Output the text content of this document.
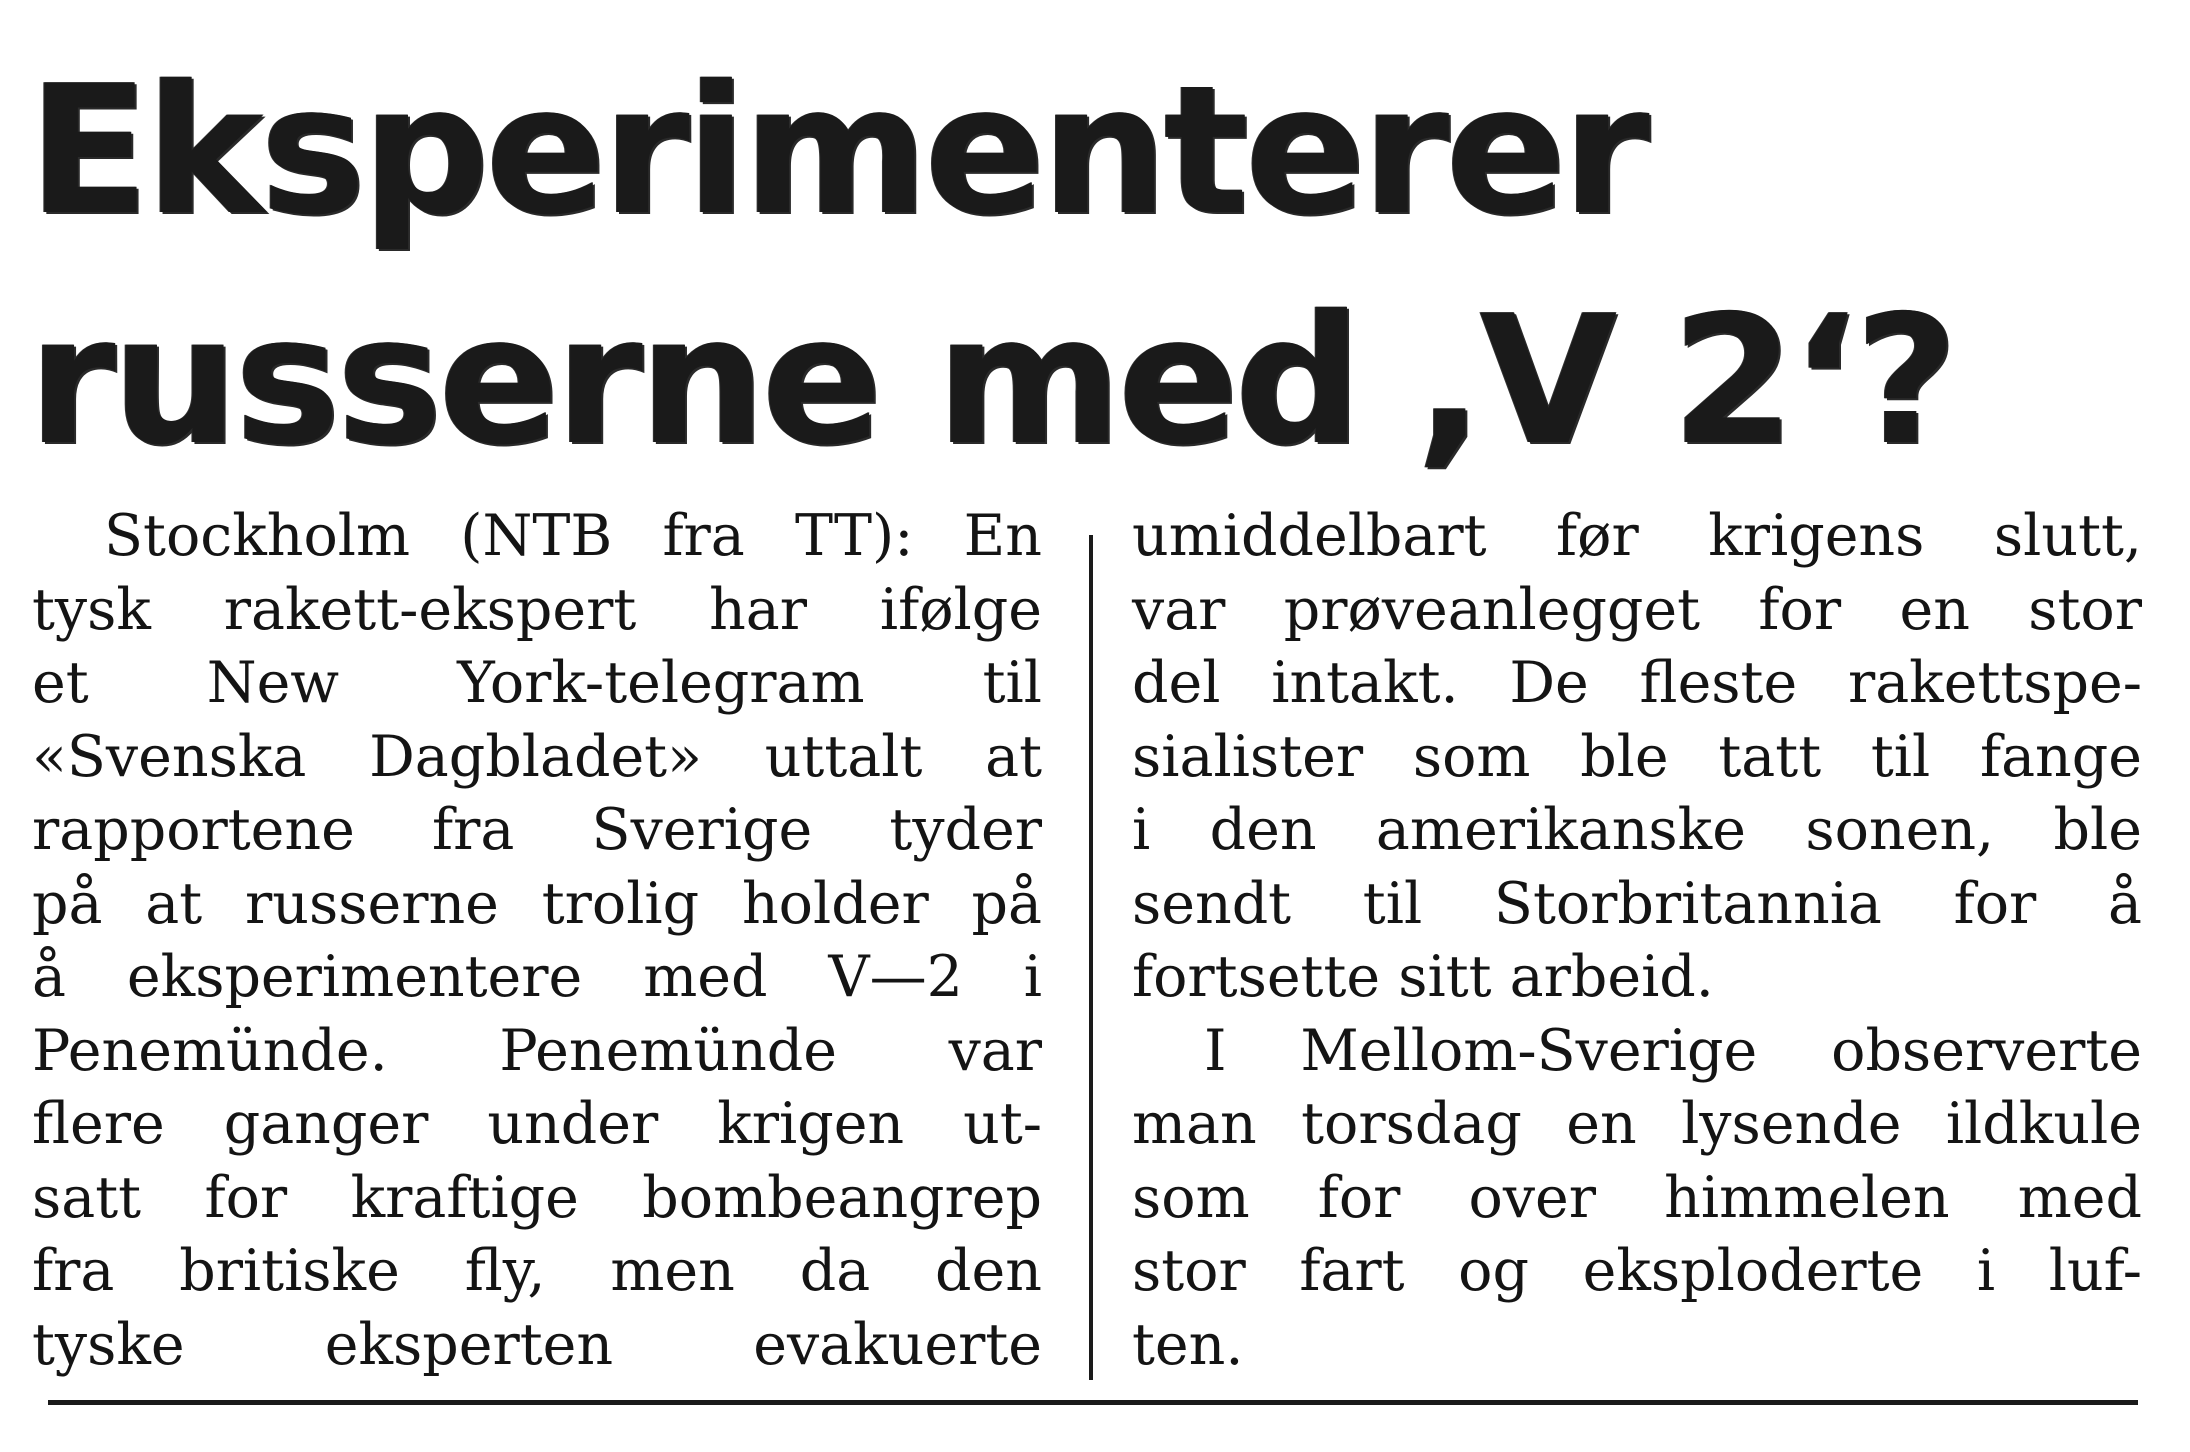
Eksperimenterer
russerne med ,V 2‘?

Stockholm (NTB fra TT): En
tysk rakett-ekspert har ifølge
et New York-telegram til
«Svenska Dagbladet» uttalt at
rapportene fra Sverige tyder
på at russerne trolig holder på
å eksperimentere med V—2 i
Penemünde. Penemünde var
flere ganger under krigen ut-
satt for kraftige bombeangrep
fra britiske fly, men da den
tyske eksperten evakuerte

umiddelbart før krigens slutt,
var prøveanlegget for en stor
del intakt. De fleste rakettspe-
sialister som ble tatt til fange
i den amerikanske sonen, ble
sendt til Storbritannia for å
fortsette sitt arbeid.

I Mellom-Sverige observerte
man torsdag en lysende ildkule
som for over himmelen med
stor fart og eksploderte i luf-
ten.
